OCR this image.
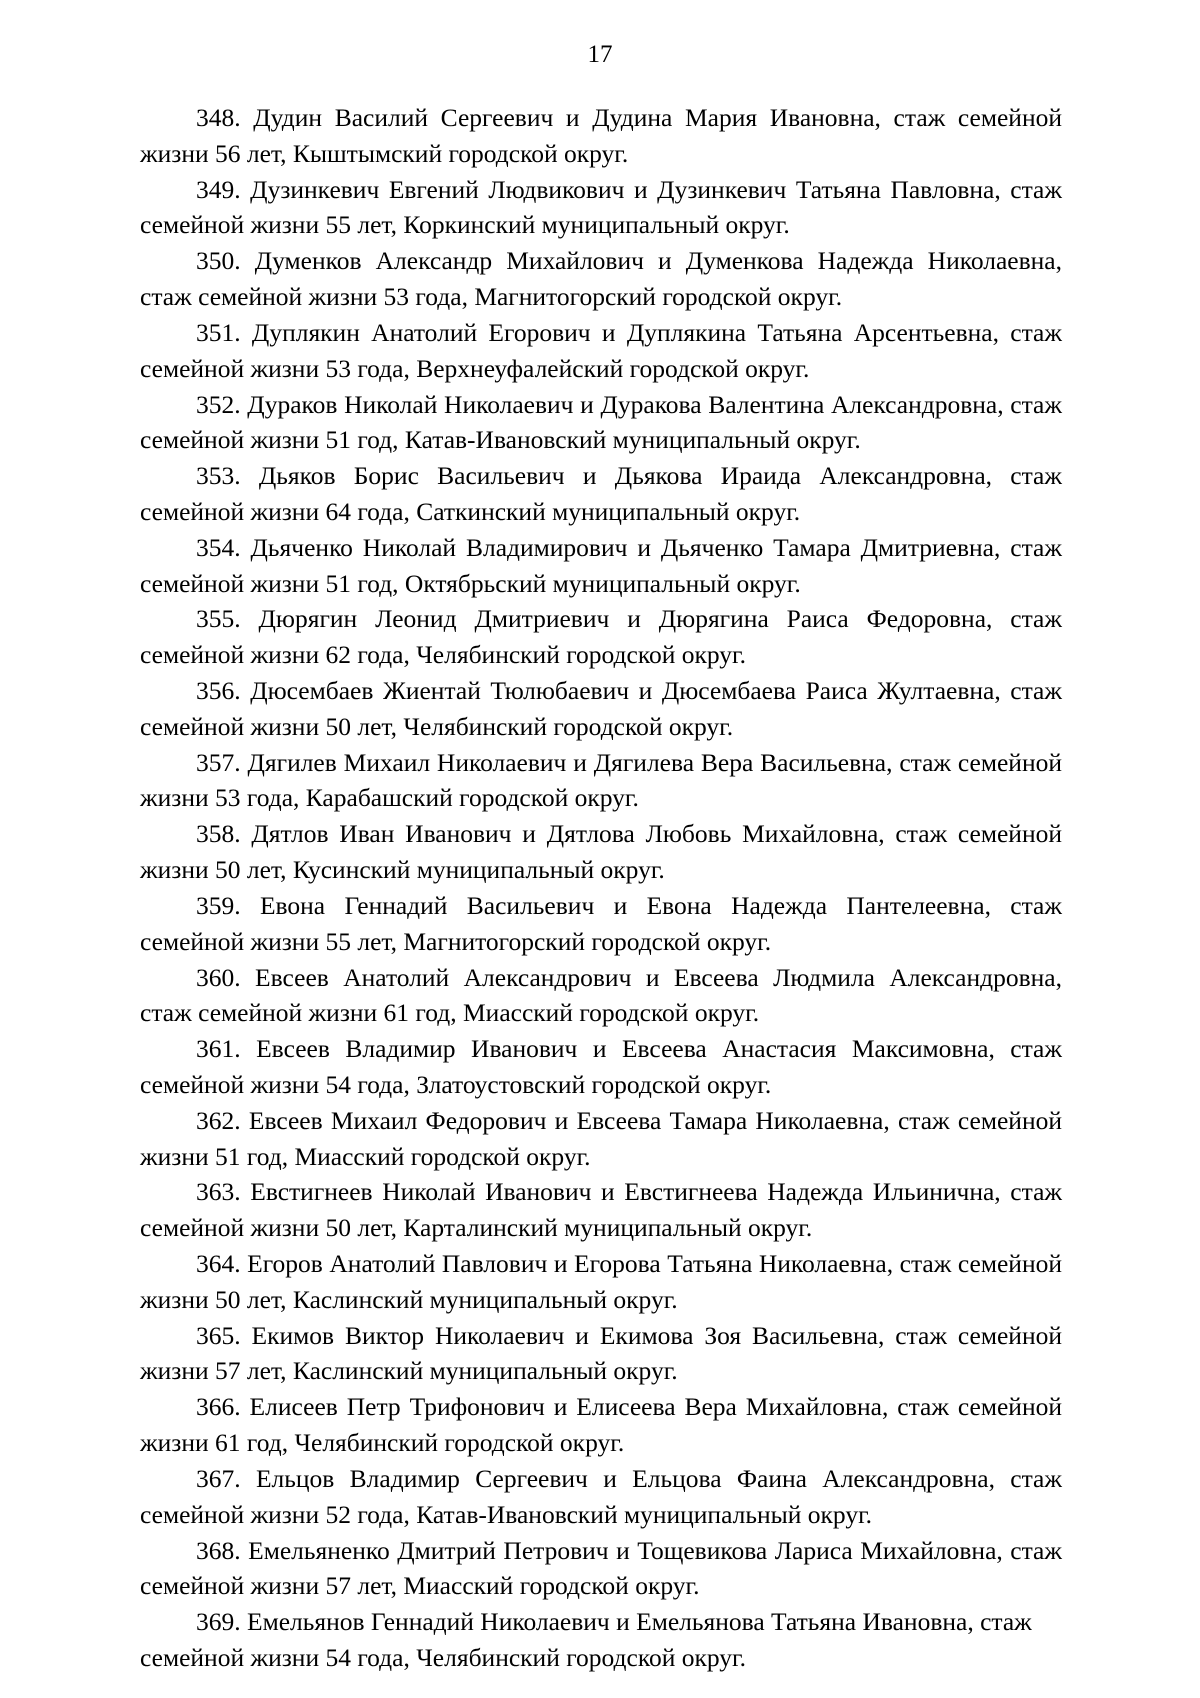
17

348. Дудин Василий Сергеевич и Дудина Мария Ивановна, стаж семейной жизни 56 лет, Кыштымский городской округ.

349. Дузинкевич Евгений Людвикович и Дузинкевич Татьяна Павловна, стаж семейной жизни 55 лет, Коркинский муниципальный округ.

350. Думенков Александр Михайлович и Думенкова Надежда Николаевна, стаж семейной жизни 53 года, Магнитогорский городской округ.

351. Дуплякин Анатолий Егорович и Дуплякина Татьяна Арсентьевна, стаж семейной жизни 53 года, Верхнеуфалейский городской округ.

352. Дураков Николай Николаевич и Дуракова Валентина Александровна, стаж семейной жизни 51 год, Катав-Ивановский муниципальный округ.

353. Дьяков Борис Васильевич и Дьякова Ираида Александровна, стаж семейной жизни 64 года, Саткинский муниципальный округ.

354. Дьяченко Николай Владимирович и Дьяченко Тамара Дмитриевна, стаж семейной жизни 51 год, Октябрьский муниципальный округ.

355. Дюрягин Леонид Дмитриевич и Дюрягина Раиса Федоровна, стаж семейной жизни 62 года, Челябинский городской округ.

356. Дюсембаев Жиентай Тюлюбаевич и Дюсембаева Раиса Жултаевна, стаж семейной жизни 50 лет, Челябинский городской округ.

357. Дягилев Михаил Николаевич и Дягилева Вера Васильевна, стаж семейной жизни 53 года, Карабашский городской округ.

358. Дятлов Иван Иванович и Дятлова Любовь Михайловна, стаж семейной жизни 50 лет, Кусинский муниципальный округ.

359. Евона Геннадий Васильевич и Евона Надежда Пантелеевна, стаж семейной жизни 55 лет, Магнитогорский городской округ.

360. Евсеев Анатолий Александрович и Евсеева Людмила Александровна, стаж семейной жизни 61 год, Миасский городской округ.

361. Евсеев Владимир Иванович и Евсеева Анастасия Максимовна, стаж семейной жизни 54 года, Златоустовский городской округ.

362. Евсеев Михаил Федорович и Евсеева Тамара Николаевна, стаж семейной жизни 51 год, Миасский городской округ.

363. Евстигнеев Николай Иванович и Евстигнеева Надежда Ильинична, стаж семейной жизни 50 лет, Карталинский муниципальный округ.

364. Егоров Анатолий Павлович и Егорова Татьяна Николаевна, стаж семейной жизни 50 лет, Каслинский муниципальный округ.

365. Екимов Виктор Николаевич и Екимова Зоя Васильевна, стаж семейной жизни 57 лет, Каслинский муниципальный округ.

366. Елисеев Петр Трифонович и Елисеева Вера Михайловна, стаж семейной жизни 61 год, Челябинский городской округ.

367. Ельцов Владимир Сергеевич и Ельцова Фаина Александровна, стаж семейной жизни 52 года, Катав-Ивановский муниципальный округ.

368. Емельяненко Дмитрий Петрович и Тощевикова Лариса Михайловна, стаж семейной жизни 57 лет, Миасский городской округ.

369. Емельянов Геннадий Николаевич и Емельянова Татьяна Ивановна, стаж семейной жизни 54 года, Челябинский городской округ.
